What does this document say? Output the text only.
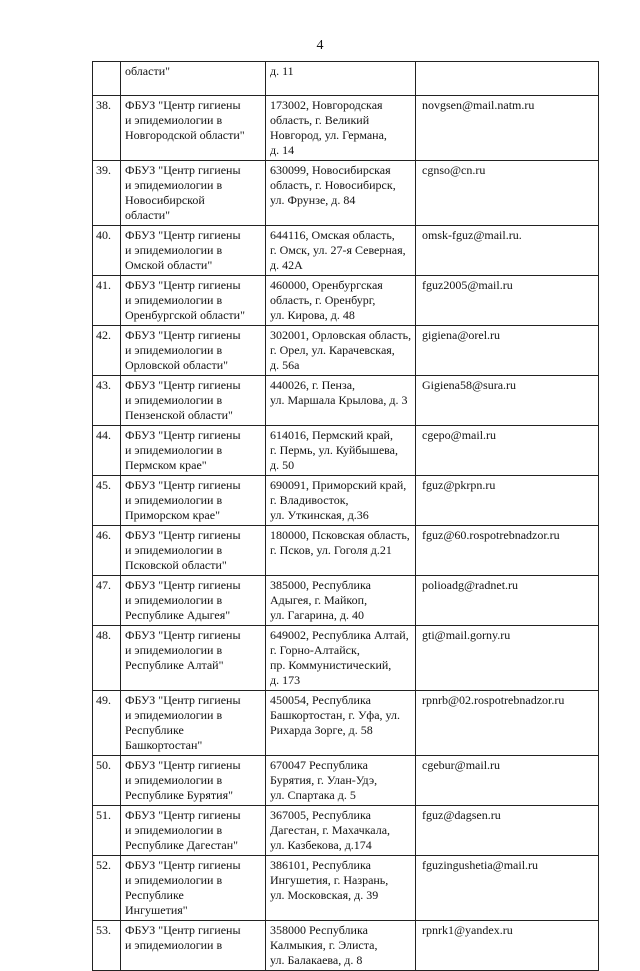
4
	области"	д. 11	
38.	ФБУЗ "Центр гигиены
и эпидемиологии в
Новгородской области"	173002, Новгородская
область, г. Великий
Новгород, ул. Германа,
д. 14	novgsen@mail.natm.ru
39.	ФБУЗ "Центр гигиены
и эпидемиологии в
Новосибирской
области"	630099, Новосибирская
область, г. Новосибирск,
ул. Фрунзе, д. 84	cgnso@cn.ru
40.	ФБУЗ "Центр гигиены
и эпидемиологии в
Омской области"	644116, Омская область,
г. Омск, ул. 27-я Северная,
д. 42А	omsk-fguz@mail.ru.
41.	ФБУЗ "Центр гигиены
и эпидемиологии в
Оренбургской области"	460000, Оренбургская
область, г. Оренбург,
ул. Кирова, д. 48	fguz2005@mail.ru
42.	ФБУЗ "Центр гигиены
и эпидемиологии в
Орловской области"	302001, Орловская область,
г. Орел, ул. Карачевская,
д. 56а	gigiena@orel.ru
43.	ФБУЗ "Центр гигиены
и эпидемиологии в
Пензенской области"	440026, г. Пенза,
ул. Маршала Крылова, д. 3	Gigiena58@sura.ru
44.	ФБУЗ "Центр гигиены
и эпидемиологии в
Пермском крае"	614016, Пермский край,
г. Пермь, ул. Куйбышева,
д. 50	cgepo@mail.ru
45.	ФБУЗ "Центр гигиены
и эпидемиологии в
Приморском крае"	690091, Приморский край,
г. Владивосток,
ул. Уткинская, д.36	fguz@pkrpn.ru
46.	ФБУЗ "Центр гигиены
и эпидемиологии в
Псковской области"	180000, Псковская область,
г. Псков, ул. Гоголя д.21	fguz@60.rospotrebnadzor.ru
47.	ФБУЗ "Центр гигиены
и эпидемиологии в
Республике Адыгея"	385000, Республика
Адыгея, г. Майкоп,
ул. Гагарина, д. 40	polioadg@radnet.ru
48.	ФБУЗ "Центр гигиены
и эпидемиологии в
Республике Алтай"	649002, Республика Алтай,
г. Горно-Алтайск,
пр. Коммунистический,
д. 173	gti@mail.gorny.ru
49.	ФБУЗ "Центр гигиены
и эпидемиологии в
Республике
Башкортостан"	450054, Республика
Башкортостан, г. Уфа, ул.
Рихарда Зорге, д. 58	rpnrb@02.rospotrebnadzor.ru
50.	ФБУЗ "Центр гигиены
и эпидемиологии в
Республике Бурятия"	670047 Республика
Бурятия, г. Улан-Удэ,
ул. Спартака д. 5	cgebur@mail.ru
51.	ФБУЗ "Центр гигиены
и эпидемиологии в
Республике Дагестан"	367005, Республика
Дагестан, г. Махачкала,
ул. Казбекова, д.174	fguz@dagsen.ru
52.	ФБУЗ "Центр гигиены
и эпидемиологии в
Республике
Ингушетия"	386101, Республика
Ингушетия, г. Назрань,
ул. Московская, д. 39	fguzingushetia@mail.ru
53.	ФБУЗ "Центр гигиены
и эпидемиологии в	358000 Республика
Калмыкия, г. Элиста,
ул. Балакаева, д. 8	rpnrk1@yandex.ru
